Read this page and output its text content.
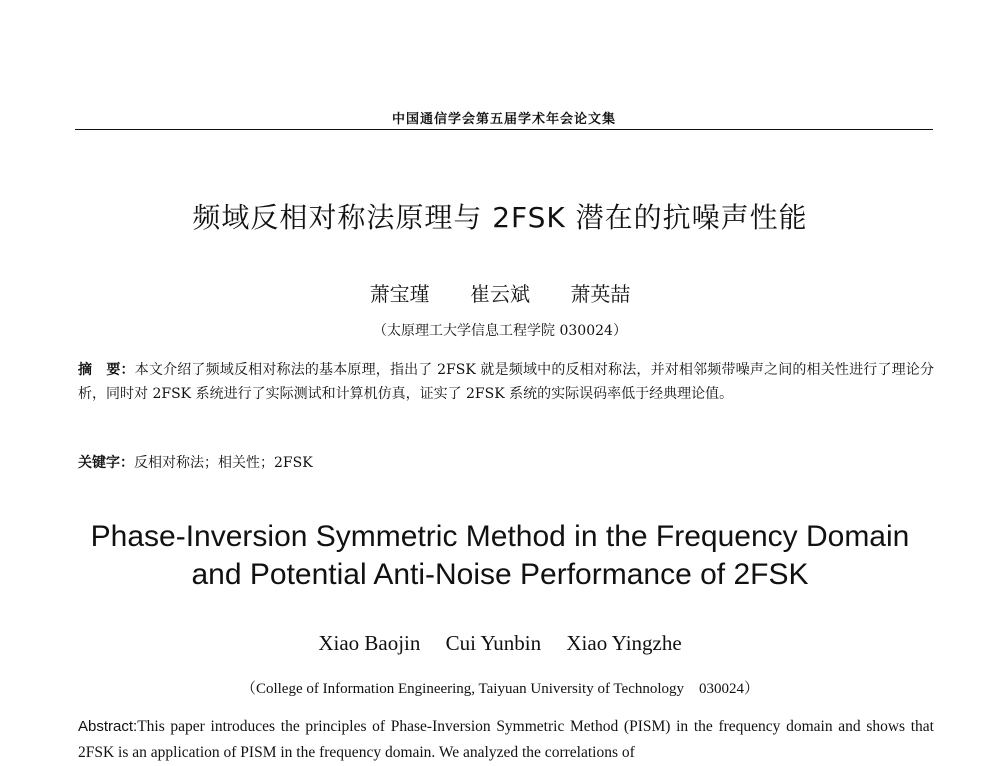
中国通信学会第五届学术年会论文集
频域反相对称法原理与 2FSK 潜在的抗噪声性能
萧宝瑾 崔云斌 萧英喆
（太原理工大学信息工程学院 030024）
摘　要：本文介绍了频域反相对称法的基本原理，指出了 2FSK 就是频域中的反相对称法，并对相邻频带噪声之间的相关性进行了理论分析，同时对 2FSK 系统进行了实际测试和计算机仿真，证实了 2FSK 系统的实际误码率低于经典理论值。
关键字：反相对称法；相关性；2FSK
Phase-Inversion Symmetric Method in the Frequency Domain
and Potential Anti-Noise Performance of 2FSK
Xiao Baojin Cui Yunbin Xiao Yingzhe
（College of Information Engineering, Taiyuan University of Technology　030024）
Abstract:This paper introduces the principles of Phase-Inversion Symmetric Method (PISM) in the frequency domain and shows that 2FSK is an application of PISM in the frequency domain. We analyzed the correlations of
